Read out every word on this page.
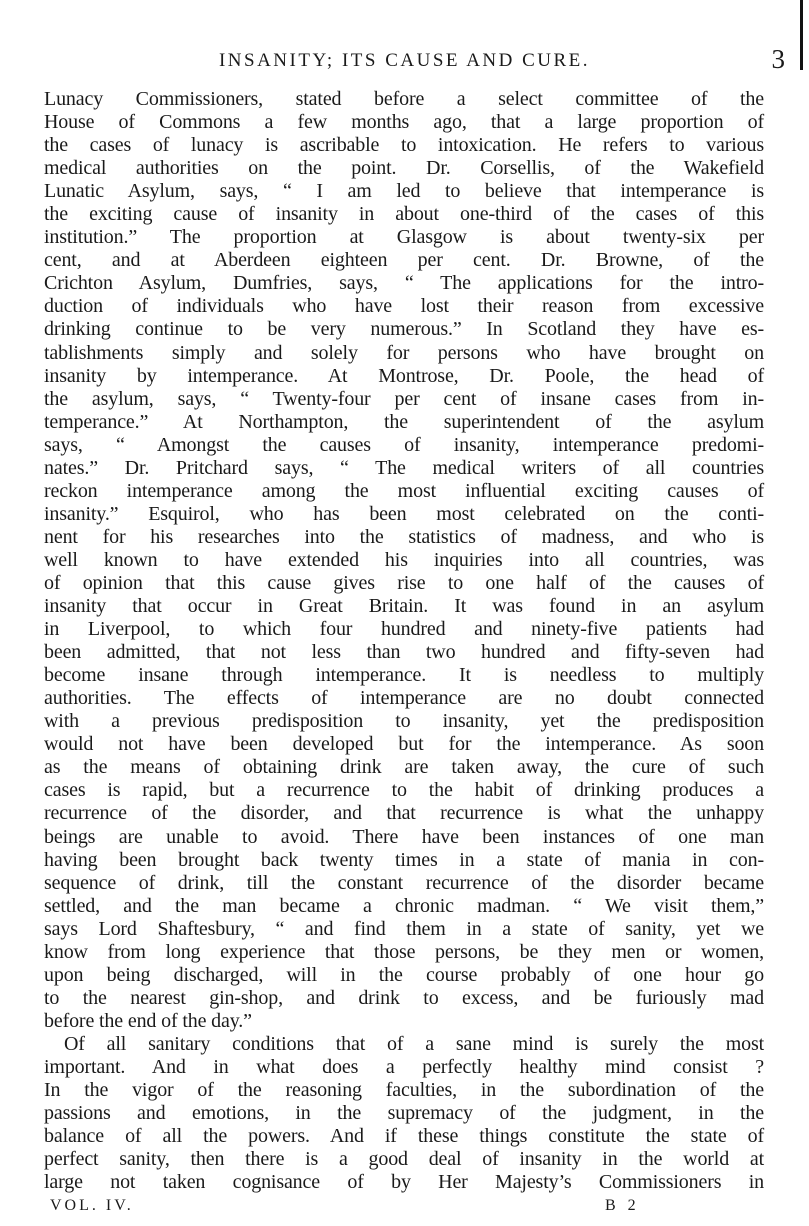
INSANITY; ITS CAUSE AND CURE.	3
Lunacy Commissioners, stated before a select committee of the
House of Commons a few months ago, that a large proportion of
the cases of lunacy is ascribable to intoxication. He refers to various
medical authorities on the point. Dr. Corsellis, of the Wakefield
Lunatic Asylum, says, “ I am led to believe that intemperance is
the exciting cause of insanity in about one-third of the cases of this
institution.” The proportion at Glasgow is about twenty-six per
cent, and at Aberdeen eighteen per cent. Dr. Browne, of the
Crichton Asylum, Dumfries, says, “ The applications for the intro-
duction of individuals who have lost their reason from excessive
drinking continue to be very numerous.” In Scotland they have es-
tablishments simply and solely for persons who have brought on
insanity by intemperance. At Montrose, Dr. Poole, the head of
the asylum, says, “ Twenty-four per cent of insane cases from in-
temperance.” At Northampton, the superintendent of the asylum
says, “ Amongst the causes of insanity, intemperance predomi-
nates.” Dr. Pritchard says, “ The medical writers of all countries
reckon intemperance among the most influential exciting causes of
insanity.” Esquirol, who has been most celebrated on the conti-
nent for his researches into the statistics of madness, and who is
well known to have extended his inquiries into all countries, was
of opinion that this cause gives rise to one half of the causes of
insanity that occur in Great Britain. It was found in an asylum
in Liverpool, to which four hundred and ninety-five patients had
been admitted, that not less than two hundred and fifty-seven had
become insane through intemperance. It is needless to multiply
authorities. The effects of intemperance are no doubt connected
with a previous predisposition to insanity, yet the predisposition
would not have been developed but for the intemperance. As soon
as the means of obtaining drink are taken away, the cure of such
cases is rapid, but a recurrence to the habit of drinking produces a
recurrence of the disorder, and that recurrence is what the unhappy
beings are unable to avoid. There have been instances of one man
having been brought back twenty times in a state of mania in con-
sequence of drink, till the constant recurrence of the disorder became
settled, and the man became a chronic madman. “ We visit them,”
says Lord Shaftesbury, “ and find them in a state of sanity, yet we
know from long experience that those persons, be they men or women,
upon being discharged, will in the course probably of one hour go
to the nearest gin-shop, and drink to excess, and be furiously mad
before the end of the day.”
Of all sanitary conditions that of a sane mind is surely the most
important. And in what does a perfectly healthy mind consist ?
In the vigor of the reasoning faculties, in the subordination of the
passions and emotions, in the supremacy of the judgment, in the
balance of all the powers. And if these things constitute the state of
perfect sanity, then there is a good deal of insanity in the world at
large not taken cognisance of by Her Majesty’s Commissioners in
VOL. IV.	B 2
